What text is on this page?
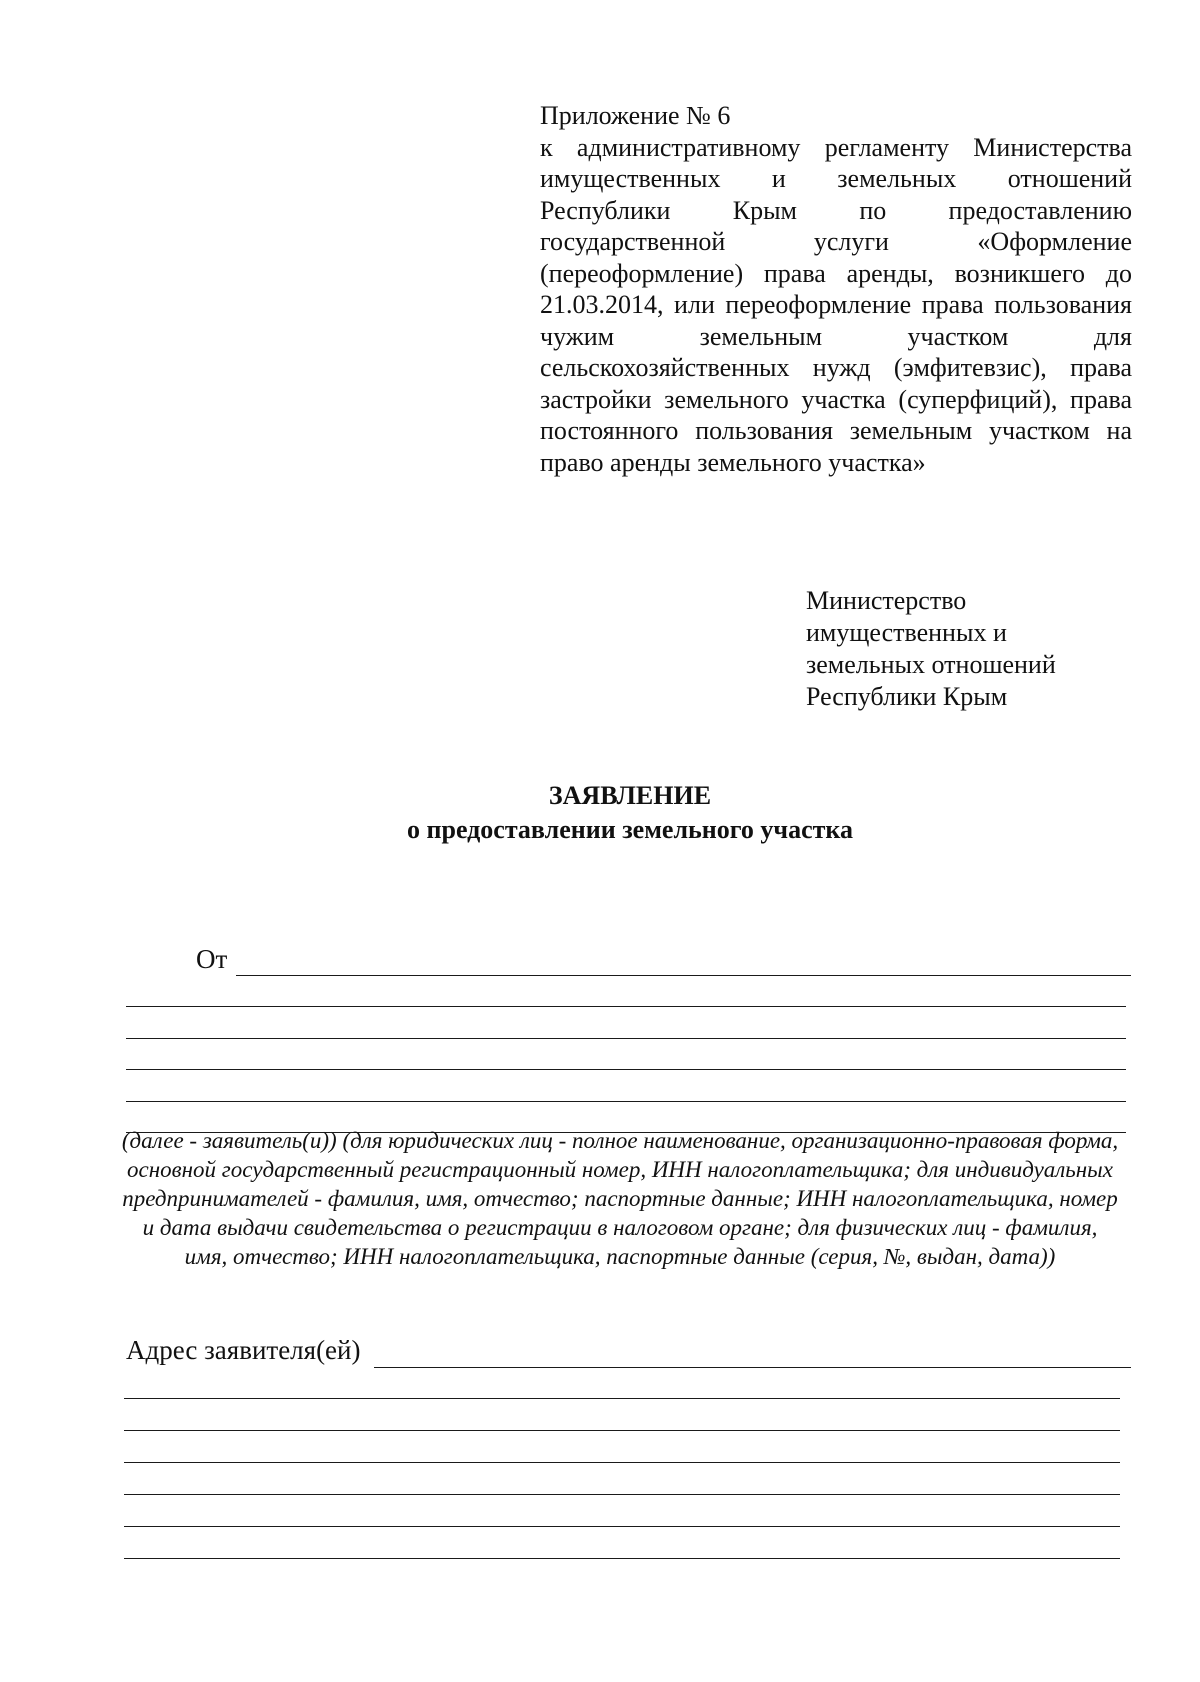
Приложение № 6
к административному регламенту Министерства имущественных и земельных отношений Республики Крым по предоставлению государственной услуги «Оформление (переоформление) права аренды, возникшего до 21.03.2014, или переоформление права пользования чужим земельным участком для сельскохозяйственных нужд (эмфитевзис), права застройки земельного участка (суперфиций), права постоянного пользования земельным участком на право аренды земельного участка»
Министерство
имущественных и
земельных отношений
Республики Крым
ЗАЯВЛЕНИЕ
о предоставлении земельного участка
От
(далее - заявитель(и)) (для юридических лиц - полное наименование, организационно-правовая форма, основной государственный регистрационный номер, ИНН налогоплательщика; для индивидуальных предпринимателей - фамилия, имя, отчество; паспортные данные; ИНН налогоплательщика, номер и дата выдачи свидетельства о регистрации в налоговом органе; для физических лиц - фамилия, имя, отчество; ИНН налогоплательщика, паспортные данные (серия, №, выдан, дата))
Адрес заявителя(ей)
